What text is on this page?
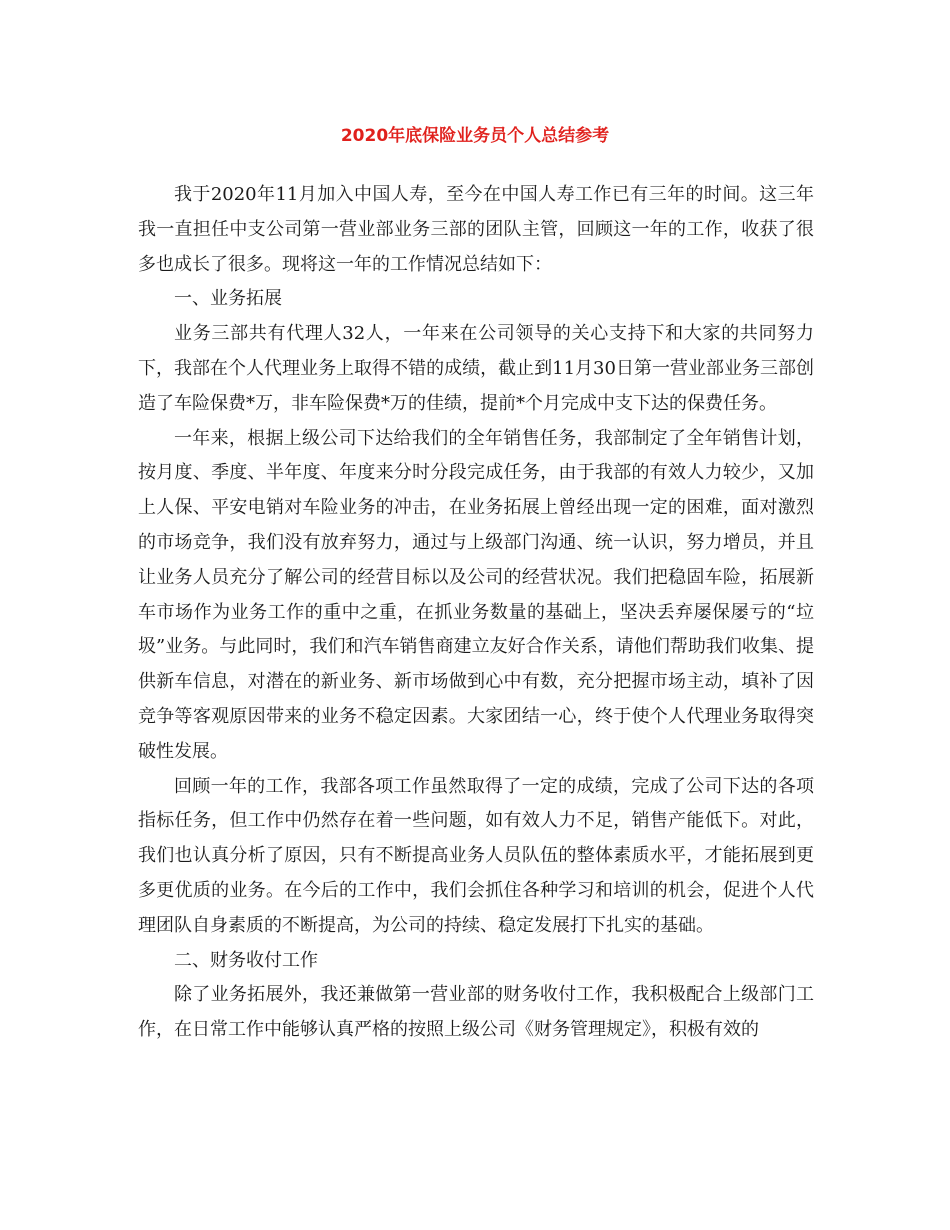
2020年底保险业务员个人总结参考

我于2020年11月加入中国人寿，至今在中国人寿工作已有三年的时间。这三年我一直担任中支公司第一营业部业务三部的团队主管，回顾这一年的工作，收获了很多也成长了很多。现将这一年的工作情况总结如下：

一、业务拓展

业务三部共有代理人32人，一年来在公司领导的关心支持下和大家的共同努力下，我部在个人代理业务上取得不错的成绩，截止到11月30日第一营业部业务三部创造了车险保费*万，非车险保费*万的佳绩，提前*个月完成中支下达的保费任务。

一年来，根据上级公司下达给我们的全年销售任务，我部制定了全年销售计划，按月度、季度、半年度、年度来分时分段完成任务，由于我部的有效人力较少，又加上人保、平安电销对车险业务的冲击，在业务拓展上曾经出现一定的困难，面对激烈的市场竞争，我们没有放弃努力，通过与上级部门沟通、统一认识，努力增员，并且让业务人员充分了解公司的经营目标以及公司的经营状况。我们把稳固车险，拓展新车市场作为业务工作的重中之重，在抓业务数量的基础上，坚决丢弃屡保屡亏的“垃圾”业务。与此同时，我们和汽车销售商建立友好合作关系，请他们帮助我们收集、提供新车信息，对潜在的新业务、新市场做到心中有数，充分把握市场主动，填补了因竞争等客观原因带来的业务不稳定因素。大家团结一心，终于使个人代理业务取得突破性发展。

回顾一年的工作，我部各项工作虽然取得了一定的成绩，完成了公司下达的各项指标任务，但工作中仍然存在着一些问题，如有效人力不足，销售产能低下。对此，我们也认真分析了原因，只有不断提高业务人员队伍的整体素质水平，才能拓展到更多更优质的业务。在今后的工作中，我们会抓住各种学习和培训的机会，促进个人代理团队自身素质的不断提高，为公司的持续、稳定发展打下扎实的基础。

二、财务收付工作

除了业务拓展外，我还兼做第一营业部的财务收付工作，我积极配合上级部门工作，在日常工作中能够认真严格的按照上级公司《财务管理规定》，积极有效的
